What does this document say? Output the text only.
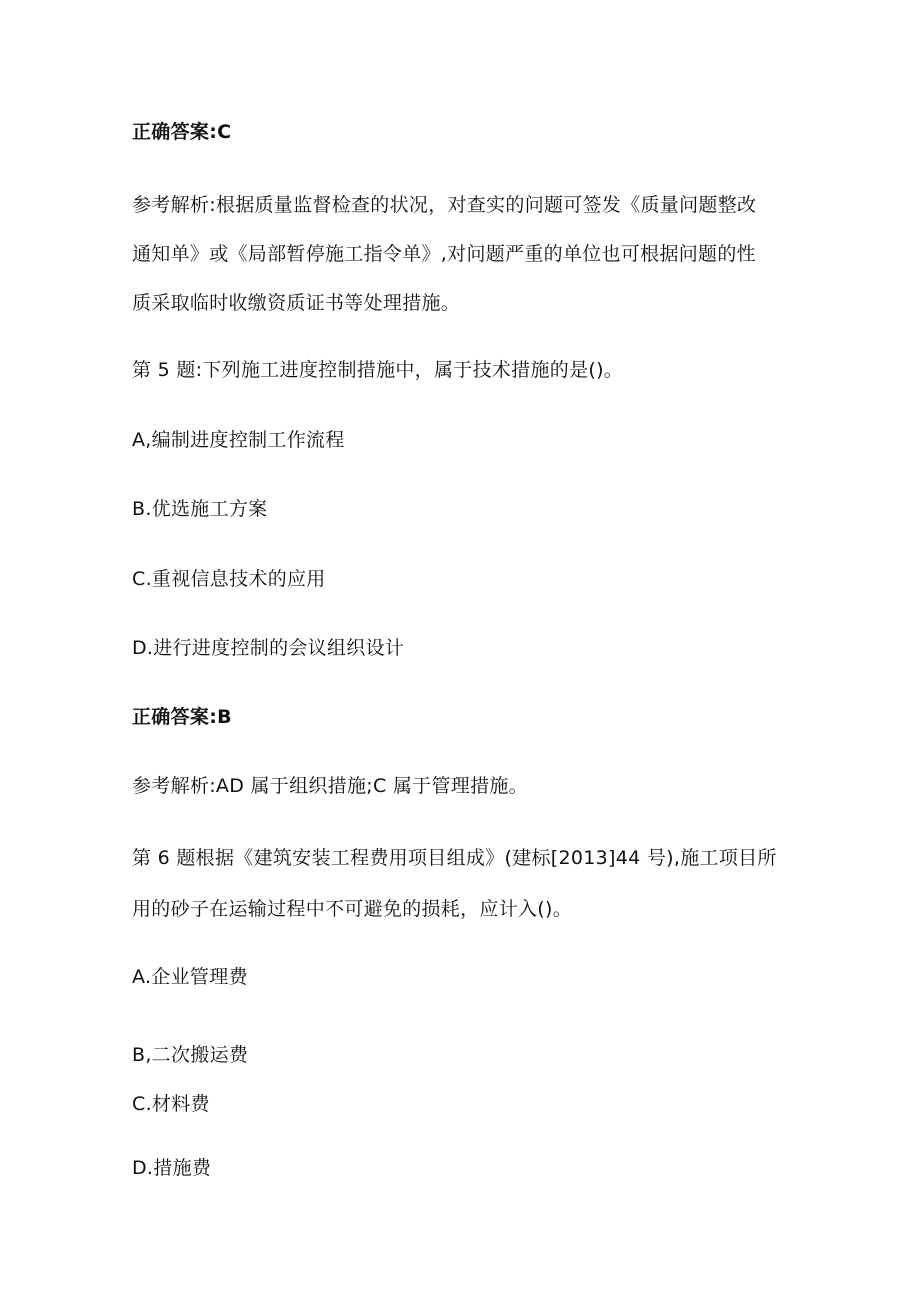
正确答案:C
参考解析:根据质量监督检查的状况，对查实的问题可签发《质量问题整改
通知单》或《局部暂停施工指令单》,对问题严重的单位也可根据问题的性
质采取临时收缴资质证书等处理措施。
第 5 题:下列施工进度控制措施中，属于技术措施的是()。
A,编制进度控制工作流程
B.优选施工方案
C.重视信息技术的应用
D.进行进度控制的会议组织设计
正确答案:B
参考解析:AD 属于组织措施;C 属于管理措施。
第 6 题根据《建筑安装工程费用项目组成》(建标[2013]44 号),施工项目所
用的砂子在运输过程中不可避免的损耗，应计入()。
A.企业管理费
B,二次搬运费
C.材料费
D.措施费
